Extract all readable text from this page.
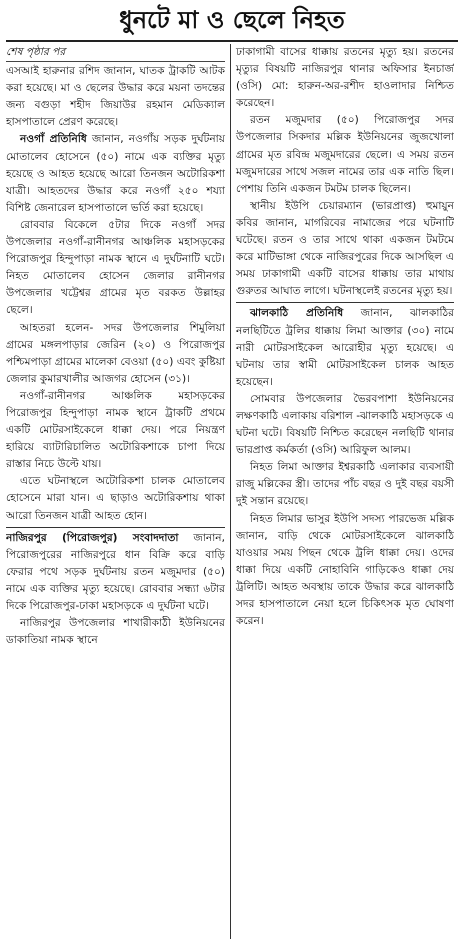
ধুনটে মা ও ছেলে নিহত
শেষ পৃষ্ঠার পর

এসআই হারুনার রশিদ জানান, ঘাতক ট্রাকটি আটক করা হয়েছে। মা ও ছেলের উদ্ধার করে ময়না তদন্তের জন্য বগুড়া শহীদ জিয়াউর রহমান মেডিক্যাল হাসপাতালে প্রেরণ করেছে।

নওগাঁ প্রতিনিধি জানান, নওগাঁয় সড়ক দুর্ঘটনায় মোতালেব হোসেনে (৫০) নামে এক ব্যক্তির মৃত্যু হয়েছে ও আহত হয়েছে আরো তিনজন অটোরিকশা যাত্রী। আহতদের উদ্ধার করে নওগাঁ ২৫০ শয্যা বিশিষ্ট জেনারেল হাসপাতালে ভর্তি করা হয়েছে।

রোববার বিকেলে ৫টার দিকে নওগাঁ সদর উপজেলার নওগাঁ-রানীনগর আঞ্চলিক মহাসড়কের পিরোজপুর হিন্দুপাড়া নামক স্থানে এ দুর্ঘটনাটি ঘটে। নিহত মোতালেব হোসেন জেলার রানীনগর উপজেলার খট্টেশ্বর গ্রামের মৃত বরকত উল্লাহর ছেলে।

আহতরা হলেন- সদর উপজেলার শিমুলিয়া গ্রামের মঙ্গলপাড়ার জেরিন (২০) ও পিরোজপুর পশ্চিমপাড়া গ্রামের মালেকা বেওয়া (৫০) এবং কুষ্টিয়া জেলার কুমারখালীর আজগর হোসেন (৩১)।

নওগাঁ-রানীনগর আঞ্চলিক মহাসড়কের পিরোজপুর হিন্দুপাড়া নামক স্থানে ট্রাকটি প্রথমে একটি মোটরসাইকেলে ধাক্কা দেয়। পরে নিয়ন্ত্রণ হারিয়ে ব্যাটারিচালিত অটোরিকশাকে চাপা দিয়ে রাস্তার নিচে উল্টে যায়।

এতে ঘটনাস্থলে অটোরিকশা চালক মোতালেব হোসেনে মারা যান। এ ছাড়াও অটোরিকশায় থাকা আরো তিনজন যাত্রী আহত হোন।

নাজিরপুর (পিরোজপুর) সংবাদদাতা জানান, পিরোজপুরের নাজিরপুরে ধান বিক্রি করে বাড়ি ফেরার পথে সড়ক দুর্ঘটনায় রতন মজুমদার (৫০) নামে এক ব্যক্তির মৃত্যু হয়েছে। রোববার সন্ধ্যা ৬টার দিকে পিরোজপুর-ঢাকা মহাসড়কে এ দুর্ঘটনা ঘটে।

নাজিরপুর উপজেলার শাখারীকাঠী ইউনিয়নের ডাকাতিয়া নামক স্থানে

ঢাকাগামী বাসের ধাক্কায় রতনের মৃত্যু হয়। রতনের মৃত্যুর বিষয়টি নাজিরপুর থানার অফিসার ইনচার্জ (ওসি) মো: হারুন-অর-রশীদ হাওলাদার নিশ্চিত করেছেন।

রতন মজুমদার (৫০) পিরোজপুর সদর উপজেলার সিকদার মল্লিক ইউনিয়নের জুজখোলা গ্রামের মৃত রবিন্দ্র মজুমদারের ছেলে। এ সময় রতন মজুমদারের সাথে সজল নামের তার এক নাতি ছিল। পেশায় তিনি একজন টমটম চালক ছিলেন।

স্থানীয় ইউপি চেয়ারম্যান (ভারপ্রাপ্ত) হুমায়ুন কবির জানান, মাগরিবের নামাজের পরে ঘটনাটি ঘটেছে। রতন ও তার সাথে থাকা একজন টমটমে করে মাটিভাঙ্গা থেকে নাজিরপুরের দিকে আসছিল এ সময় ঢাকাগামী একটি বাসের ধাক্কায় তার মাথায় গুরুতর আঘাত লাগে। ঘটনাস্থলেই রতনের মৃত্যু হয়।

ঝালকাঠি প্রতিনিধি জানান, ঝালকাঠির নলছিটিতে ট্রলির ধাক্কায় লিমা আক্তার (৩০) নামে নারী মোটরসাইকেল আরোহীর মৃত্যু হয়েছে। এ ঘটনায় তার স্বামী মোটরসাইকেল চালক আহত হয়েছেন।

সোমবার উপজেলার ভৈরবপাশা ইউনিয়নের লক্ষণকাঠি এলাকায় বরিশাল -ঝালকাঠি মহাসড়কে এ ঘটনা ঘটে। বিষয়টি নিশ্চিত করেছেন নলছিটি থানার ভারপ্রাপ্ত কর্মকর্তা (ওসি) আরিফুল আলম।

নিহত লিমা আক্তার ইশ্বরকাঠি এলাকার ব্যবসায়ী রাজু মল্লিকের স্ত্রী। তাদের পাঁচ বছর ও দুই বছর বয়সী দুই সন্তান রয়েছে।

নিহত লিমার ভাসুর ইউপি সদস্য পারভেজ মল্লিক জানান, বাড়ি থেকে মোটরসাইকেলে ঝালকাঠি যাওয়ার সময় পিছন থেকে ট্রলি ধাক্কা দেয়। ওদের ধাক্কা দিয়ে একটি নোহাবিনি গাড়িকেও ধাক্কা দেয় ট্রলিটি। আহত অবস্থায় তাকে উদ্ধার করে ঝালকাঠি সদর হাসপাতালে নেয়া হলে চিকিৎসক মৃত ঘোষণা করেন।
